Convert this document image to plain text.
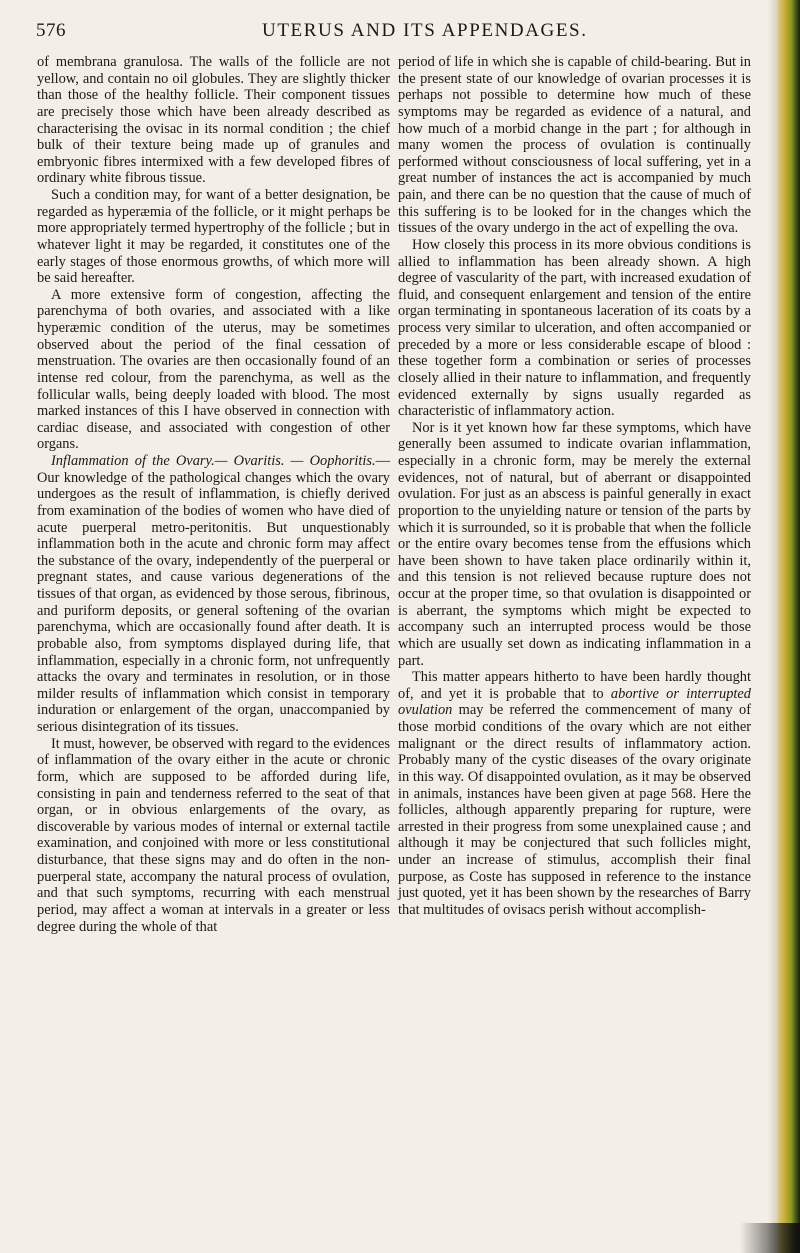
576	UTERUS AND ITS APPENDAGES.

of membrana granulosa. The walls of the follicle are not yellow, and contain no oil globules. They are slightly thicker than those of the healthy follicle. Their component tissues are precisely those which have been already described as characterising the ovisac in its normal condition ; the chief bulk of their texture being made up of granules and embryonic fibres intermixed with a few developed fibres of ordinary white fibrous tissue.

Such a condition may, for want of a better designation, be regarded as hyperæmia of the follicle, or it might perhaps be more appropriately termed hypertrophy of the follicle ; but in whatever light it may be regarded, it constitutes one of the early stages of those enormous growths, of which more will be said hereafter.

A more extensive form of congestion, affecting the parenchyma of both ovaries, and associated with a like hyperæmic condition of the uterus, may be sometimes observed about the period of the final cessation of menstruation. The ovaries are then occasionally found of an intense red colour, from the parenchyma, as well as the follicular walls, being deeply loaded with blood. The most marked instances of this I have observed in connection with cardiac disease, and associated with congestion of other organs.

Inflammation of the Ovary.— Ovaritis. — Oophoritis.—Our knowledge of the pathological changes which the ovary undergoes as the result of inflammation, is chiefly derived from examination of the bodies of women who have died of acute puerperal metro-peritonitis. But unquestionably inflammation both in the acute and chronic form may affect the substance of the ovary, independently of the puerperal or pregnant states, and cause various degenerations of the tissues of that organ, as evidenced by those serous, fibrinous, and puriform deposits, or general softening of the ovarian parenchyma, which are occasionally found after death. It is probable also, from symptoms displayed during life, that inflammation, especially in a chronic form, not unfrequently attacks the ovary and terminates in resolution, or in those milder results of inflammation which consist in temporary induration or enlargement of the organ, unaccompanied by serious disintegration of its tissues.

It must, however, be observed with regard to the evidences of inflammation of the ovary either in the acute or chronic form, which are supposed to be afforded during life, consisting in pain and tenderness referred to the seat of that organ, or in obvious enlargements of the ovary, as discoverable by various modes of internal or external tactile examination, and conjoined with more or less constitutional disturbance, that these signs may and do often in the non-puerperal state, accompany the natural process of ovulation, and that such symptoms, recurring with each menstrual period, may affect a woman at intervals in a greater or less degree during the whole of that

period of life in which she is capable of child-bearing. But in the present state of our knowledge of ovarian processes it is perhaps not possible to determine how much of these symptoms may be regarded as evidence of a natural, and how much of a morbid change in the part ; for although in many women the process of ovulation is continually performed without consciousness of local suffering, yet in a great number of instances the act is accompanied by much pain, and there can be no question that the cause of much of this suffering is to be looked for in the changes which the tissues of the ovary undergo in the act of expelling the ova.

How closely this process in its more obvious conditions is allied to inflammation has been already shown. A high degree of vascularity of the part, with increased exudation of fluid, and consequent enlargement and tension of the entire organ terminating in spontaneous laceration of its coats by a process very similar to ulceration, and often accompanied or preceded by a more or less considerable escape of blood : these together form a combination or series of processes closely allied in their nature to inflammation, and frequently evidenced externally by signs usually regarded as characteristic of inflammatory action.

Nor is it yet known how far these symptoms, which have generally been assumed to indicate ovarian inflammation, especially in a chronic form, may be merely the external evidences, not of natural, but of aberrant or disappointed ovulation. For just as an abscess is painful generally in exact proportion to the unyielding nature or tension of the parts by which it is surrounded, so it is probable that when the follicle or the entire ovary becomes tense from the effusions which have been shown to have taken place ordinarily within it, and this tension is not relieved because rupture does not occur at the proper time, so that ovulation is disappointed or is aberrant, the symptoms which might be expected to accompany such an interrupted process would be those which are usually set down as indicating inflammation in a part.

This matter appears hitherto to have been hardly thought of, and yet it is probable that to abortive or interrupted ovulation may be referred the commencement of many of those morbid conditions of the ovary which are not either malignant or the direct results of inflammatory action. Probably many of the cystic diseases of the ovary originate in this way. Of disappointed ovulation, as it may be observed in animals, instances have been given at page 568. Here the follicles, although apparently preparing for rupture, were arrested in their progress from some unexplained cause ; and although it may be conjectured that such follicles might, under an increase of stimulus, accomplish their final purpose, as Coste has supposed in reference to the instance just quoted, yet it has been shown by the researches of Barry that multitudes of ovisacs perish without accomplish-
